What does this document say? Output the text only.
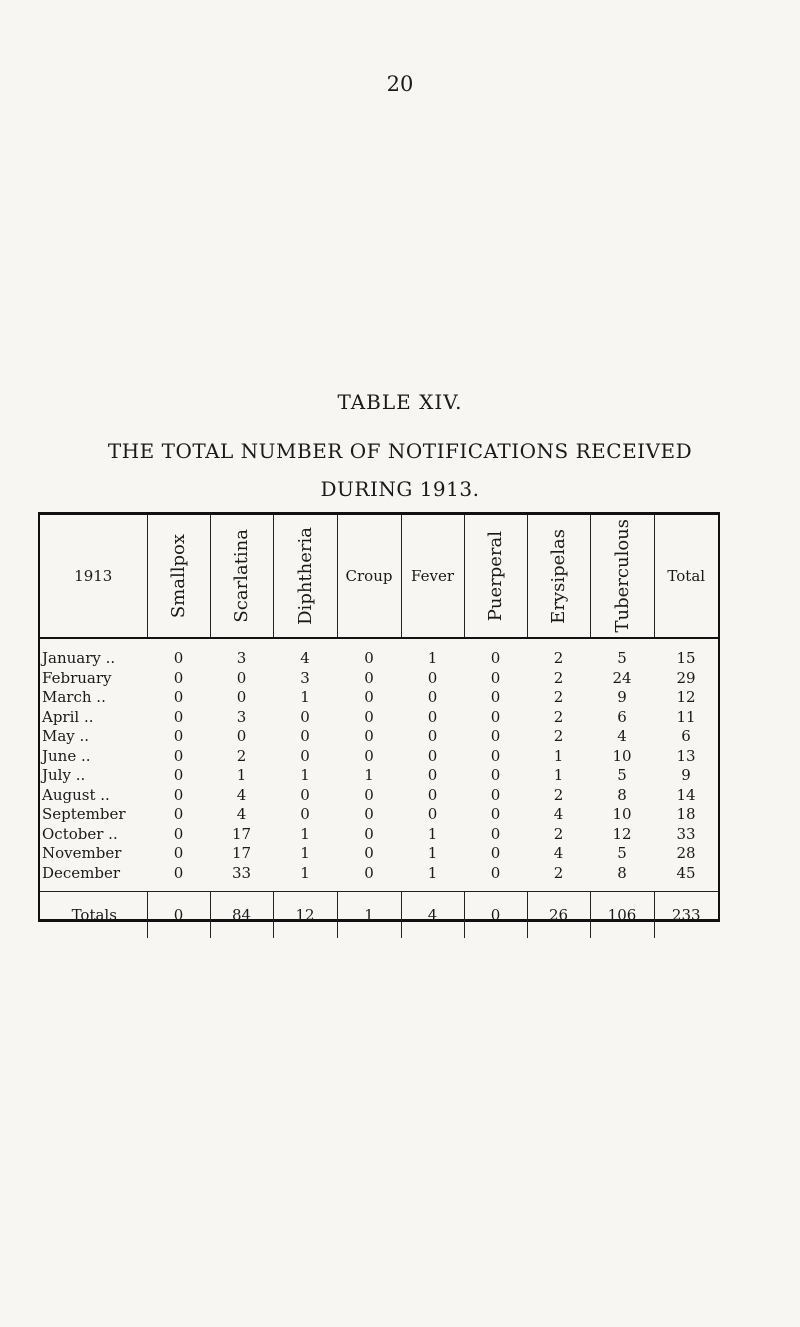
20
TABLE XIV.
THE TOTAL NUMBER OF NOTIFICATIONS RECEIVED
DURING 1913.
1913	Smallpox	Scarlatina	Diphtheria	Croup	Fever	Puerperal	Erysipelas	Tuberculous	Total

January ..	0	3	4	0	1	0	2	5	15
February	0	0	3	0	0	0	2	24	29
March ..	0	0	1	0	0	0	2	9	12
April ..	0	3	0	0	0	0	2	6	11
May ..	0	0	0	0	0	0	2	4	6
June ..	0	2	0	0	0	0	1	10	13
July ..	0	1	1	1	0	0	1	5	9
August ..	0	4	0	0	0	0	2	8	14
September	0	4	0	0	0	0	4	10	18
October ..	0	17	1	0	1	0	2	12	33
November	0	17	1	0	1	0	4	5	28
December	0	33	1	0	1	0	2	8	45
Totals	0	84	12	1	4	0	26	106	233
